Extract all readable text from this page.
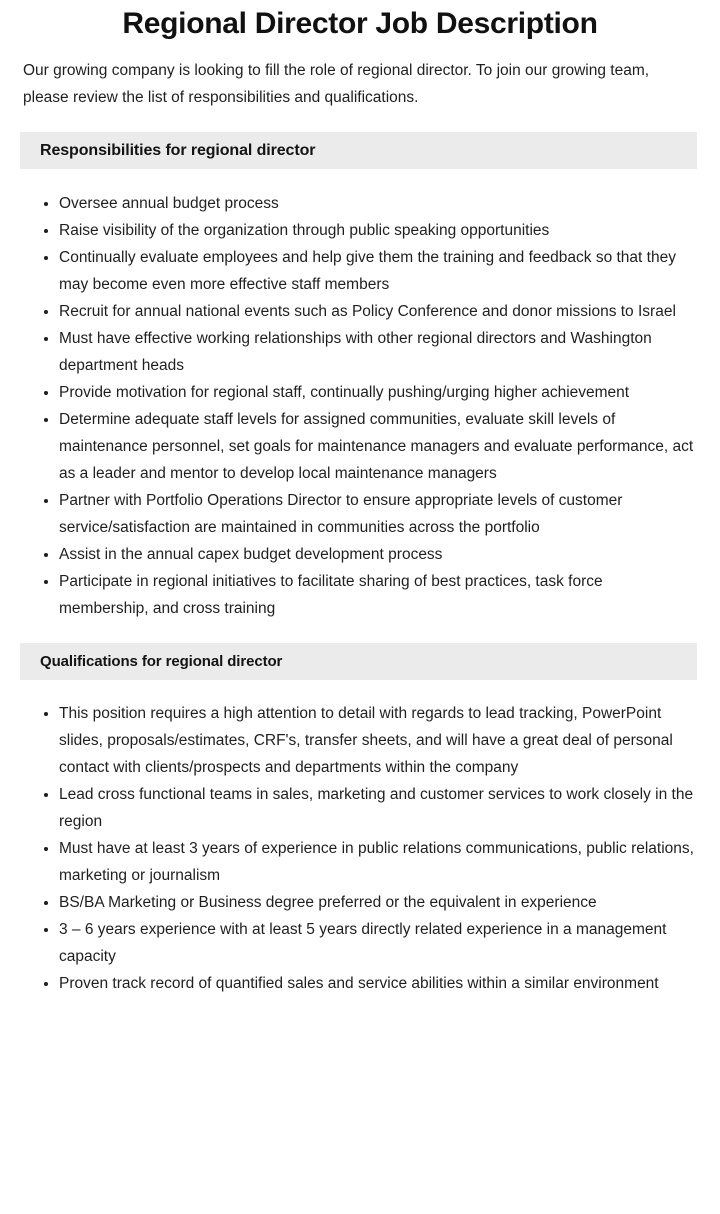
Regional Director Job Description

Our growing company is looking to fill the role of regional director. To join our growing team, please review the list of responsibilities and qualifications.

Responsibilities for regional director
Oversee annual budget process
Raise visibility of the organization through public speaking opportunities
Continually evaluate employees and help give them the training and feedback so that they may become even more effective staff members
Recruit for annual national events such as Policy Conference and donor missions to Israel
Must have effective working relationships with other regional directors and Washington department heads
Provide motivation for regional staff, continually pushing/urging higher achievement
Determine adequate staff levels for assigned communities, evaluate skill levels of maintenance personnel, set goals for maintenance managers and evaluate performance, act as a leader and mentor to develop local maintenance managers
Partner with Portfolio Operations Director to ensure appropriate levels of customer service/satisfaction are maintained in communities across the portfolio
Assist in the annual capex budget development process
Participate in regional initiatives to facilitate sharing of best practices, task force membership, and cross training
Qualifications for regional director
This position requires a high attention to detail with regards to lead tracking, PowerPoint slides, proposals/estimates, CRF's, transfer sheets, and will have a great deal of personal contact with clients/prospects and departments within the company
Lead cross functional teams in sales, marketing and customer services to work closely in the region
Must have at least 3 years of experience in public relations communications, public relations, marketing or journalism
BS/BA Marketing or Business degree preferred or the equivalent in experience
3 – 6 years experience with at least 5 years directly related experience in a management capacity
Proven track record of quantified sales and service abilities within a similar environment
